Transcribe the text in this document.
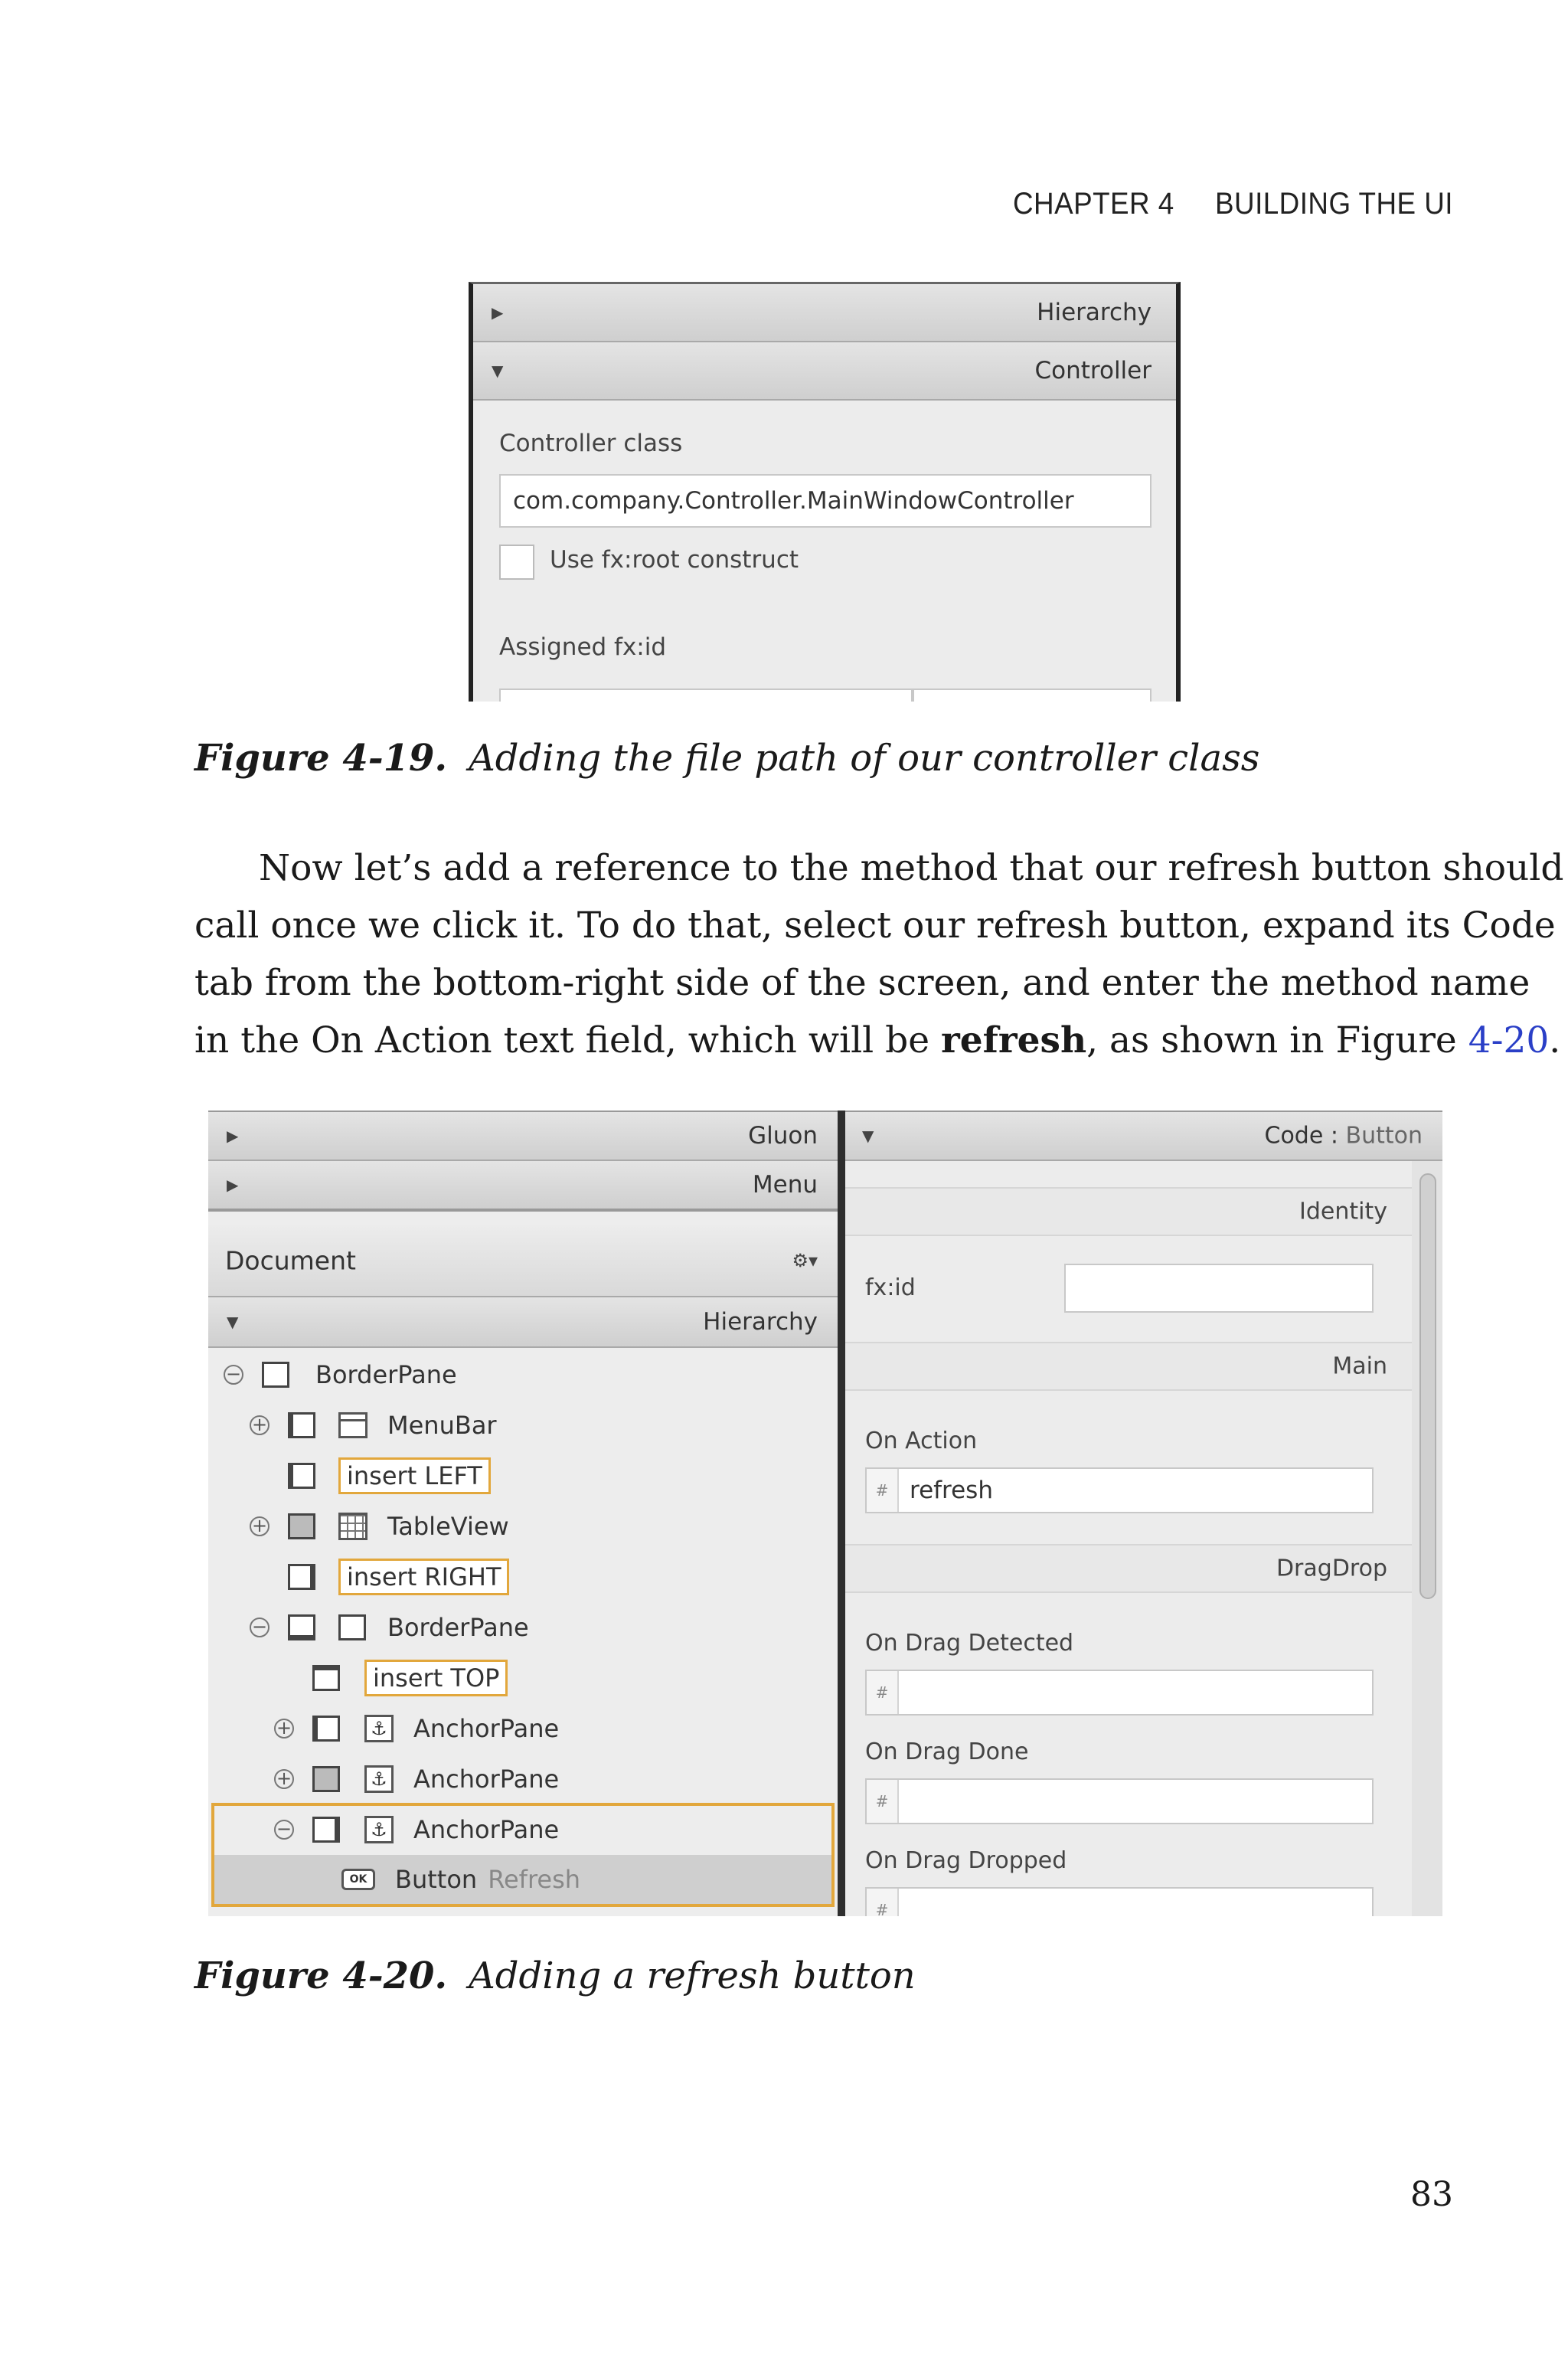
CHAPTER 4 BUILDING THE UI
▶	Hierarchy
▼	Controller
Controller class
com.company.Controller.MainWindowController
Use fx:root construct
Assigned fx:id
Figure 4-19. Adding the file path of our controller class

Now let’s add a reference to the method that our refresh button should

call once we click it. To do that, select our refresh button, expand its Code

tab from the bottom-right side of the screen, and enter the method name

in the On Action text field, which will be refresh, as shown in Figure 4-20.

▶	Gluon
▶	Menu
Document	⚙▾
▼	Hierarchy
−	BorderPane
+	MenuBar
insert LEFT
+	TableView
insert RIGHT
−	BorderPane
insert TOP
+	⚓ AnchorPane
+	⚓ AnchorPane
−	⚓ AnchorPane
OK	Button Refresh
▼	Code : Button
Identity
fx:id
Main
On Action
# refresh
DragDrop
On Drag Detected
#
On Drag Done
#
On Drag Dropped
#
Figure 4-20. Adding a refresh button
83
